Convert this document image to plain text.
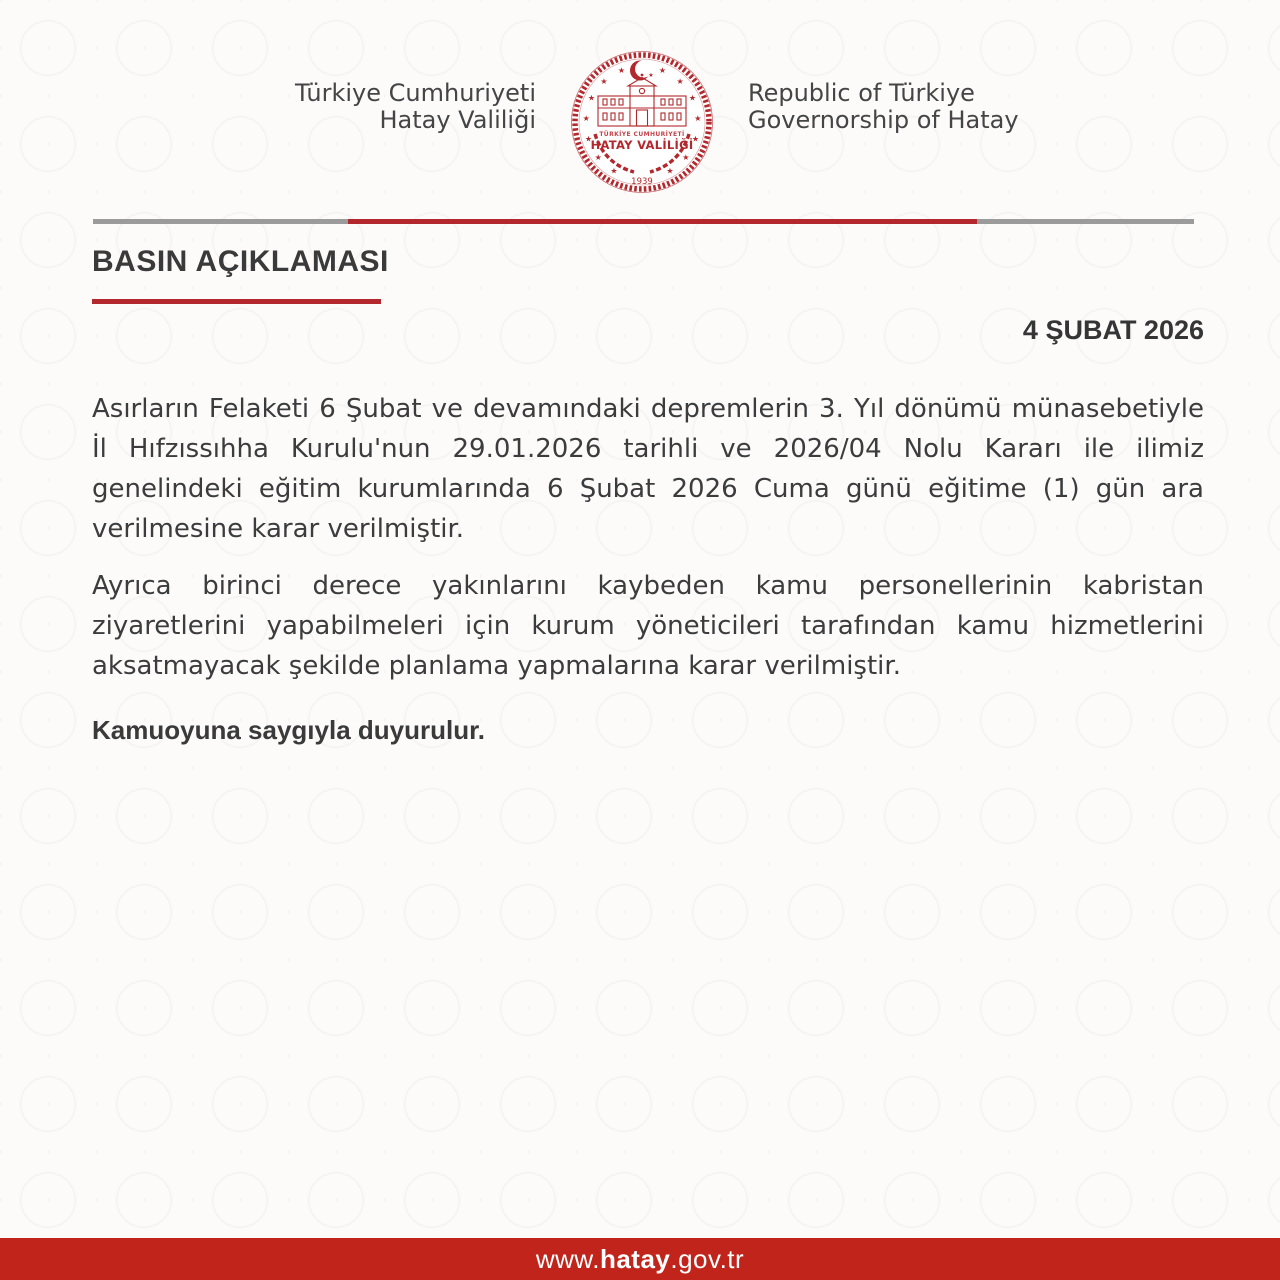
Türkiye Cumhuriyeti
Hatay Valiliği
★
★
★
★
★
★
★	★
★
★
★
★
★
★
★
TÜRKİYE CUMHURİYETİ
HATAY VALİLİĞİ
1939
Republic of Türkiye
Governorship of Hatay
BASIN AÇIKLAMASI
4 ŞUBAT 2026

Asırların Felaketi 6 Şubat ve devamındaki depremlerin 3. Yıl dönümü münasebetiyle İl Hıfzıssıhha Kurulu'nun 29.01.2026 tarihli ve 2026/04 Nolu Kararı ile ilimiz genelindeki eğitim kurumlarında 6 Şubat 2026 Cuma günü eğitime (1) gün ara verilmesine karar verilmiştir.

Ayrıca birinci derece yakınlarını kaybeden kamu personellerinin kabristan ziyaretlerini yapabilmeleri için kurum yöneticileri tarafından kamu hizmetlerini aksatmayacak şekilde planlama yapmalarına karar verilmiştir.

Kamuoyuna saygıyla duyurulur.

www.hatay.gov.tr
